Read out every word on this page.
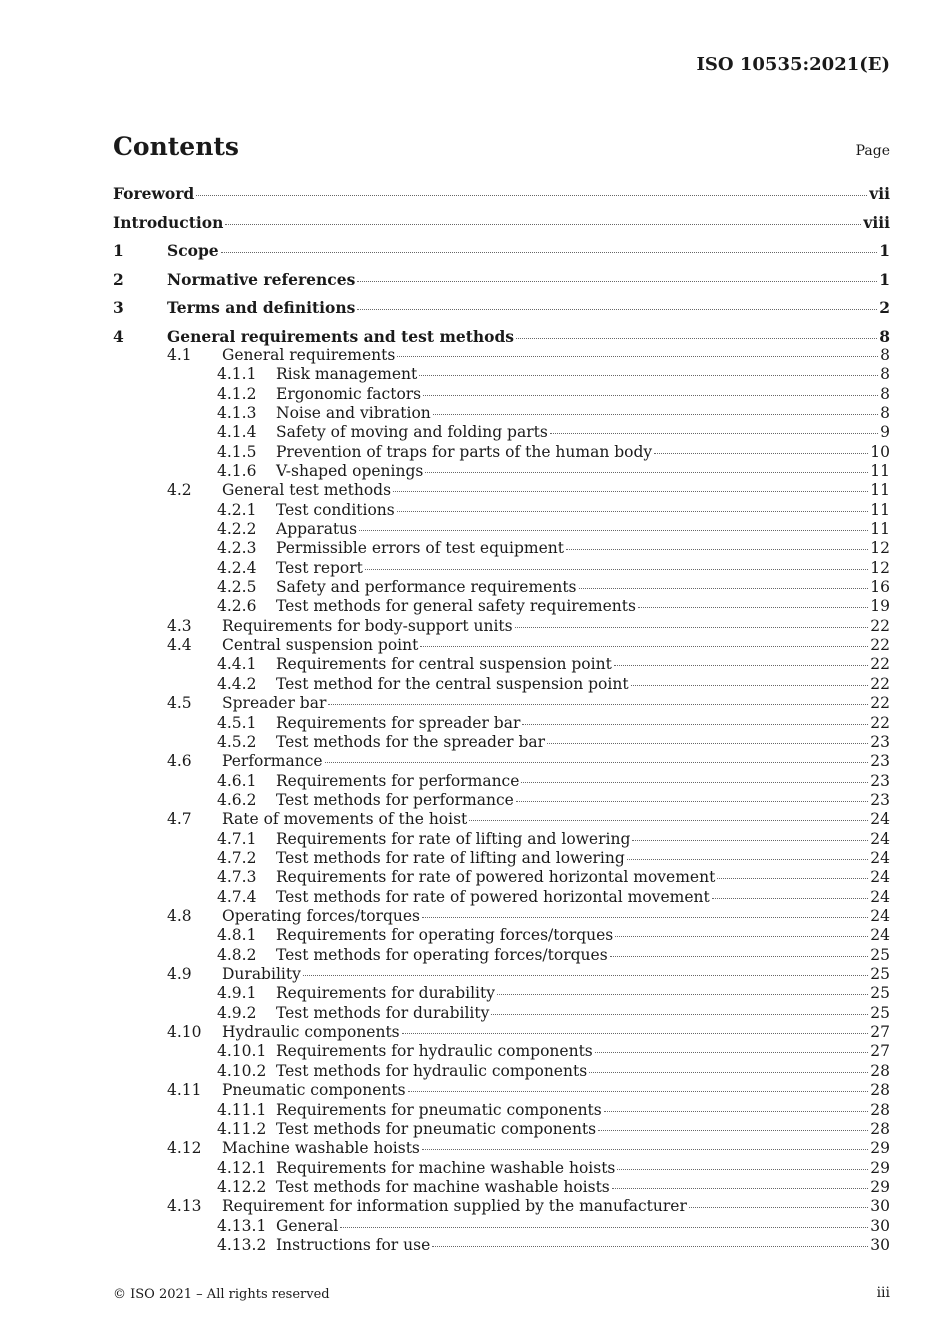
ISO 10535:2021(E)
Contents	Page
Foreword	vii
Introduction	viii
1	Scope	1
2	Normative references	1
3	Terms and definitions	2
4	General requirements and test methods	8
4.1 General requirements	8
4.1.1 Risk management	8
4.1.2 Ergonomic factors	8
4.1.3 Noise and vibration	8
4.1.4 Safety of moving and folding parts	9
4.1.5 Prevention of traps for parts of the human body	10
4.1.6 V-shaped openings	11
4.2 General test methods	11
4.2.1 Test conditions	11
4.2.2 Apparatus	11
4.2.3 Permissible errors of test equipment	12
4.2.4 Test report	12
4.2.5 Safety and performance requirements	16
4.2.6 Test methods for general safety requirements	19
4.3 Requirements for body-support units	22
4.4 Central suspension point	22
4.4.1 Requirements for central suspension point	22
4.4.2 Test method for the central suspension point	22
4.5 Spreader bar	22
4.5.1 Requirements for spreader bar	22
4.5.2 Test methods for the spreader bar	23
4.6 Performance	23
4.6.1 Requirements for performance	23
4.6.2 Test methods for performance	23
4.7 Rate of movements of the hoist	24
4.7.1 Requirements for rate of lifting and lowering	24
4.7.2 Test methods for rate of lifting and lowering	24
4.7.3 Requirements for rate of powered horizontal movement	24
4.7.4 Test methods for rate of powered horizontal movement	24
4.8 Operating forces/torques	24
4.8.1 Requirements for operating forces/torques	24
4.8.2 Test methods for operating forces/torques	25
4.9 Durability	25
4.9.1 Requirements for durability	25
4.9.2 Test methods for durability	25
4.10 Hydraulic components	27
4.10.1 Requirements for hydraulic components	27
4.10.2 Test methods for hydraulic components	28
4.11 Pneumatic components	28
4.11.1 Requirements for pneumatic components	28
4.11.2 Test methods for pneumatic components	28
4.12 Machine washable hoists	29
4.12.1 Requirements for machine washable hoists	29
4.12.2 Test methods for machine washable hoists	29
4.13 Requirement for information supplied by the manufacturer	30
4.13.1 General	30
4.13.2 Instructions for use	30
© ISO 2021 – All rights reserved	iii
